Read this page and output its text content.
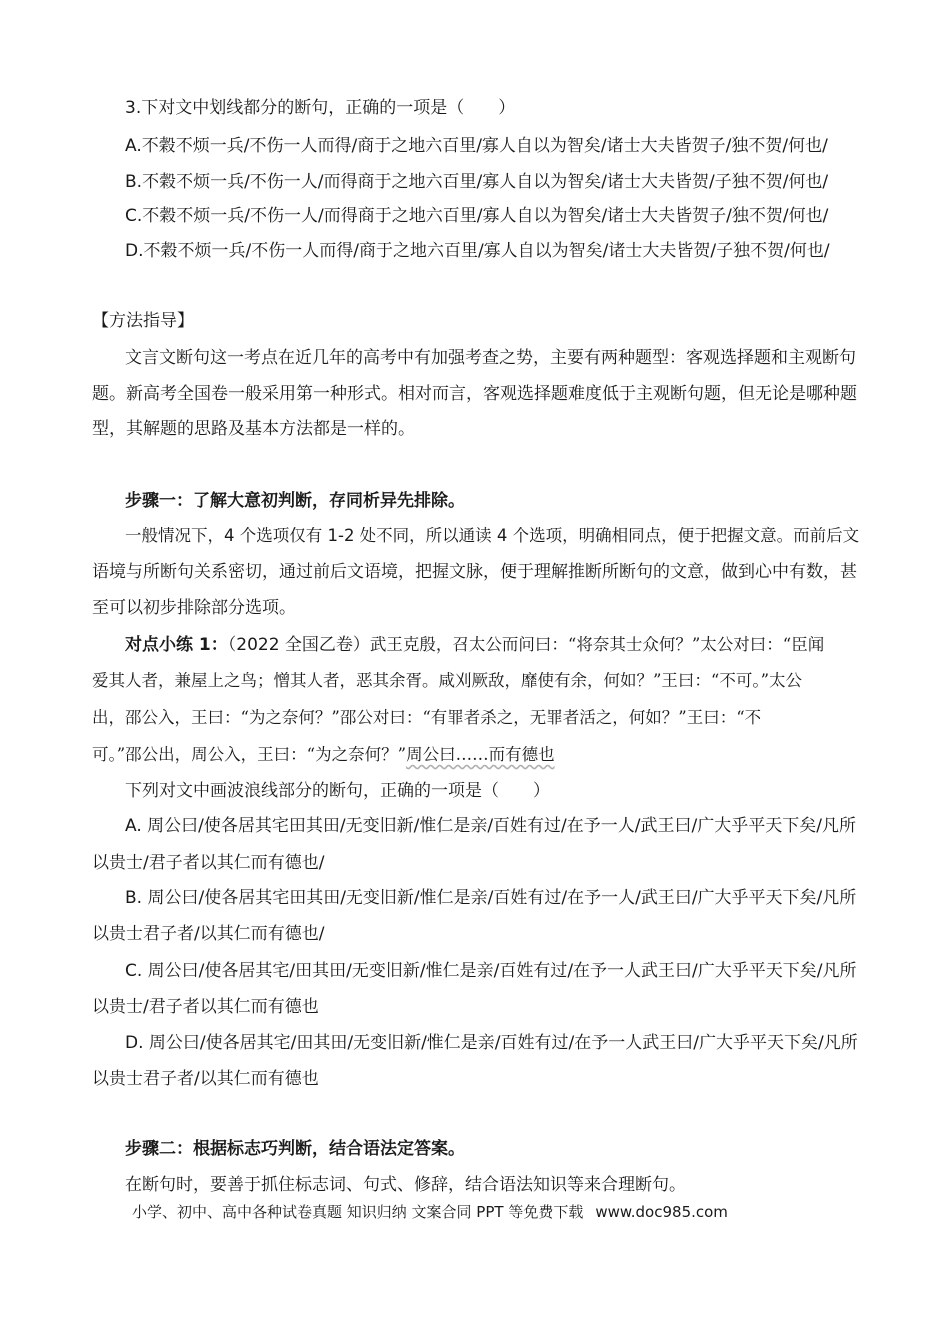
3.下对文中划线都分的断句，正确的一项是（　　）
A.不穀不烦一兵/不伤一人而得/商于之地六百里/寡人自以为智矣/诸士大夫皆贺子/独不贺/何也/
B.不穀不烦一兵/不伤一人/而得商于之地六百里/寡人自以为智矣/诸士大夫皆贺/子独不贺/何也/
C.不穀不烦一兵/不伤一人/而得商于之地六百里/寡人自以为智矣/诸士大夫皆贺子/独不贺/何也/
D.不穀不烦一兵/不伤一人而得/商于之地六百里/寡人自以为智矣/诸士大夫皆贺/子独不贺/何也/
【方法指导】
文言文断句这一考点在近几年的高考中有加强考查之势，主要有两种题型：客观选择题和主观断句
题。新高考全国卷一般采用第一种形式。相对而言，客观选择题难度低于主观断句题，但无论是哪种题
型，其解题的思路及基本方法都是一样的。
步骤一：了解大意初判断，存同析异先排除。
一般情况下，4 个选项仅有 1-2 处不同，所以通读 4 个选项，明确相同点，便于把握文意。而前后文
语境与所断句关系密切，通过前后文语境，把握文脉，便于理解推断所断句的文意，做到心中有数，甚
至可以初步排除部分选项。
对点小练 1：（2022 全国乙卷）武王克殷，召太公而问曰：“将奈其士众何？”太公对曰：“臣闻
爱其人者，兼屋上之鸟；憎其人者，恶其余胥。咸刈厥敌，靡使有余，何如？”王曰：“不可。”太公
出，邵公入，王曰：“为之奈何？”邵公对曰：“有罪者杀之，无罪者活之，何如？”王曰：“不
可。”邵公出，周公入，王曰：“为之奈何？”周公曰……而有德也
下列对文中画波浪线部分的断句，正确的一项是（　　）
A. 周公曰/使各居其宅田其田/无变旧新/惟仁是亲/百姓有过/在予一人/武王曰/广大乎平天下矣/凡所
以贵士/君子者以其仁而有德也/
B. 周公曰/使各居其宅田其田/无变旧新/惟仁是亲/百姓有过/在予一人/武王曰/广大乎平天下矣/凡所
以贵士君子者/以其仁而有德也/
C. 周公曰/使各居其宅/田其田/无变旧新/惟仁是亲/百姓有过/在予一人武王曰/广大乎平天下矣/凡所
以贵士/君子者以其仁而有德也
D. 周公曰/使各居其宅/田其田/无变旧新/惟仁是亲/百姓有过/在予一人武王曰/广大乎平天下矣/凡所
以贵士君子者/以其仁而有德也
步骤二：根据标志巧判断，结合语法定答案。
在断句时，要善于抓住标志词、句式、修辞，结合语法知识等来合理断句。
小学、初中、高中各种试卷真题 知识归纳 文案合同 PPT 等免费下载 www.doc985.com
